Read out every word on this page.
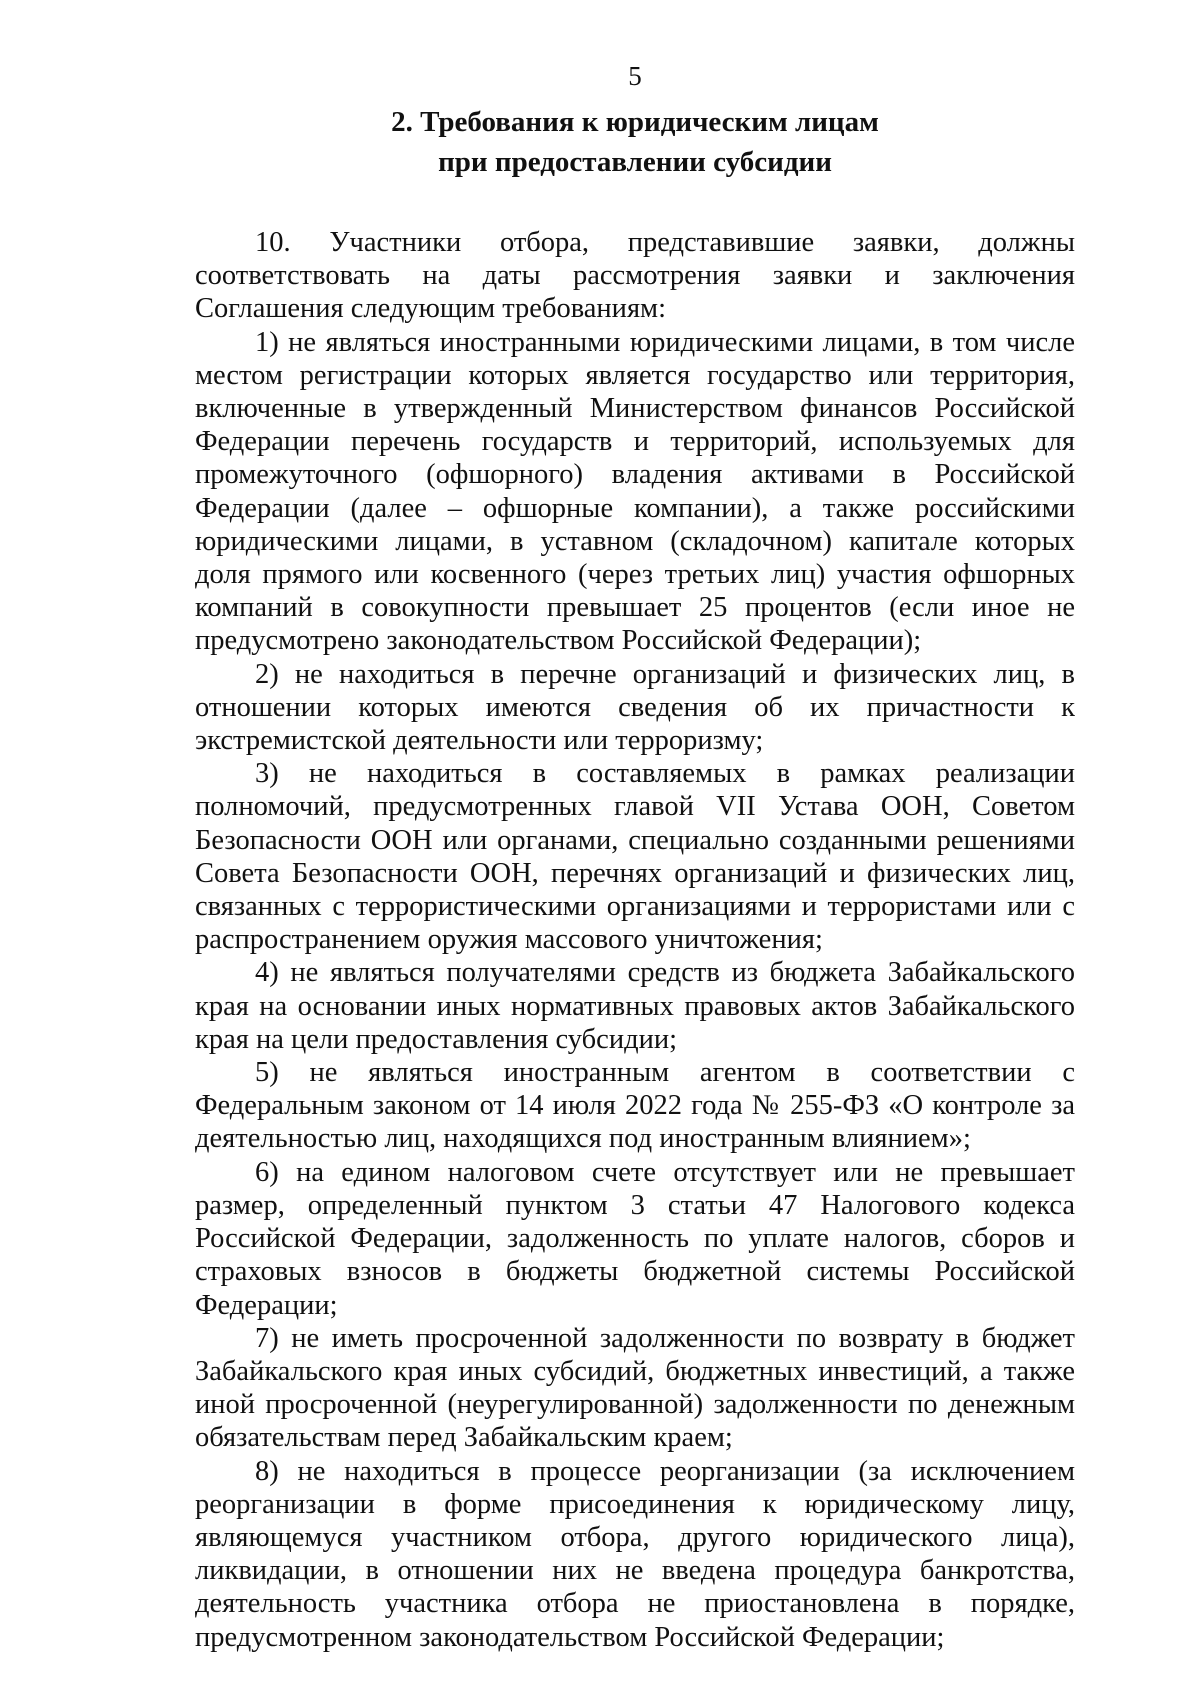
5
2. Требования к юридическим лицам
при предоставлении субсидии

10. Участники отбора, представившие заявки, должны соответствовать на даты рассмотрения заявки и заключения Соглашения следующим требованиям:

1) не являться иностранными юридическими лицами, в том числе местом регистрации которых является государство или территория, включенные в утвержденный Министерством финансов Российской Федерации перечень государств и территорий, используемых для промежуточного (офшорного) владения активами в Российской Федерации (далее – офшорные компании), а также российскими юридическими лицами, в уставном (складочном) капитале которых доля прямого или косвенного (через третьих лиц) участия офшорных компаний в совокупности превышает 25 процентов (если иное не предусмотрено законодательством Российской Федерации);

2) не находиться в перечне организаций и физических лиц, в отношении которых имеются сведения об их причастности к экстремистской деятельности или терроризму;

3) не находиться в составляемых в рамках реализации полномочий, предусмотренных главой VII Устава ООН, Советом Безопасности ООН или органами, специально созданными решениями Совета Безопасности ООН, перечнях организаций и физических лиц, связанных с террористическими организациями и террористами или с распространением оружия массового уничтожения;

4) не являться получателями средств из бюджета Забайкальского края на основании иных нормативных правовых актов Забайкальского края на цели предоставления субсидии;

5) не являться иностранным агентом в соответствии с Федеральным законом от 14 июля 2022 года № 255-ФЗ «О контроле за деятельностью лиц, находящихся под иностранным влиянием»;

6) на едином налоговом счете отсутствует или не превышает размер, определенный пунктом 3 статьи 47 Налогового кодекса Российской Федерации, задолженность по уплате налогов, сборов и страховых взносов в бюджеты бюджетной системы Российской Федерации;

7) не иметь просроченной задолженности по возврату в бюджет Забайкальского края иных субсидий, бюджетных инвестиций, а также иной просроченной (неурегулированной) задолженности по денежным обязательствам перед Забайкальским краем;

8) не находиться в процессе реорганизации (за исключением реорганизации в форме присоединения к юридическому лицу, являющемуся участником отбора, другого юридического лица), ликвидации, в отношении них не введена процедура банкротства, деятельность участника отбора не приостановлена в порядке, предусмотренном законодательством Российской Федерации;
